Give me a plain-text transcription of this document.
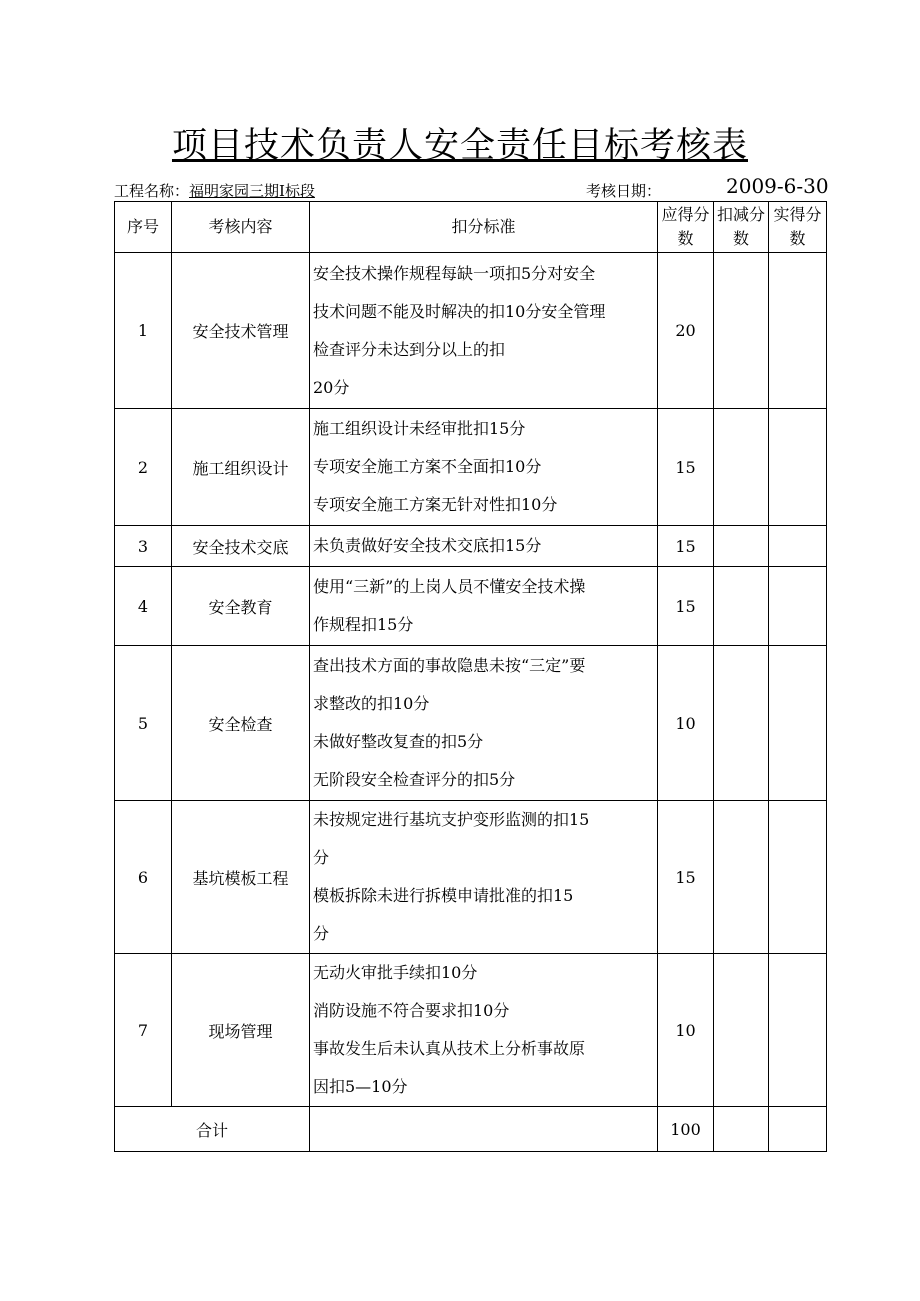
项目技术负责人安全责任目标考核表
工程名称：福明家园三期Ⅰ标段	考核日期：	2009-6-30
序号	考核内容	扣分标准	应得分数	扣减分数	实得分数
1	安全技术管理	安全技术操作规程每缺一项扣5分对安全
技术问题不能及时解决的扣10分安全管理
检查评分未达到分以上的扣
20分	20		
2	施工组织设计	施工组织设计未经审批扣15分
专项安全施工方案不全面扣10分
专项安全施工方案无针对性扣10分	15		
3	安全技术交底	未负责做好安全技术交底扣15分	15		
4	安全教育	使用“三新”的上岗人员不懂安全技术操
作规程扣15分	15		
5	安全检查	查出技术方面的事故隐患未按“三定”要
求整改的扣10分
未做好整改复查的扣5分
无阶段安全检查评分的扣5分	10		
6	基坑模板工程	未按规定进行基坑支护变形监测的扣15
分
模板拆除未进行拆模申请批准的扣15
分	15		
7	现场管理	无动火审批手续扣10分
消防设施不符合要求扣10分
事故发生后未认真从技术上分析事故原
因扣5—10分	10		
合计			100		
